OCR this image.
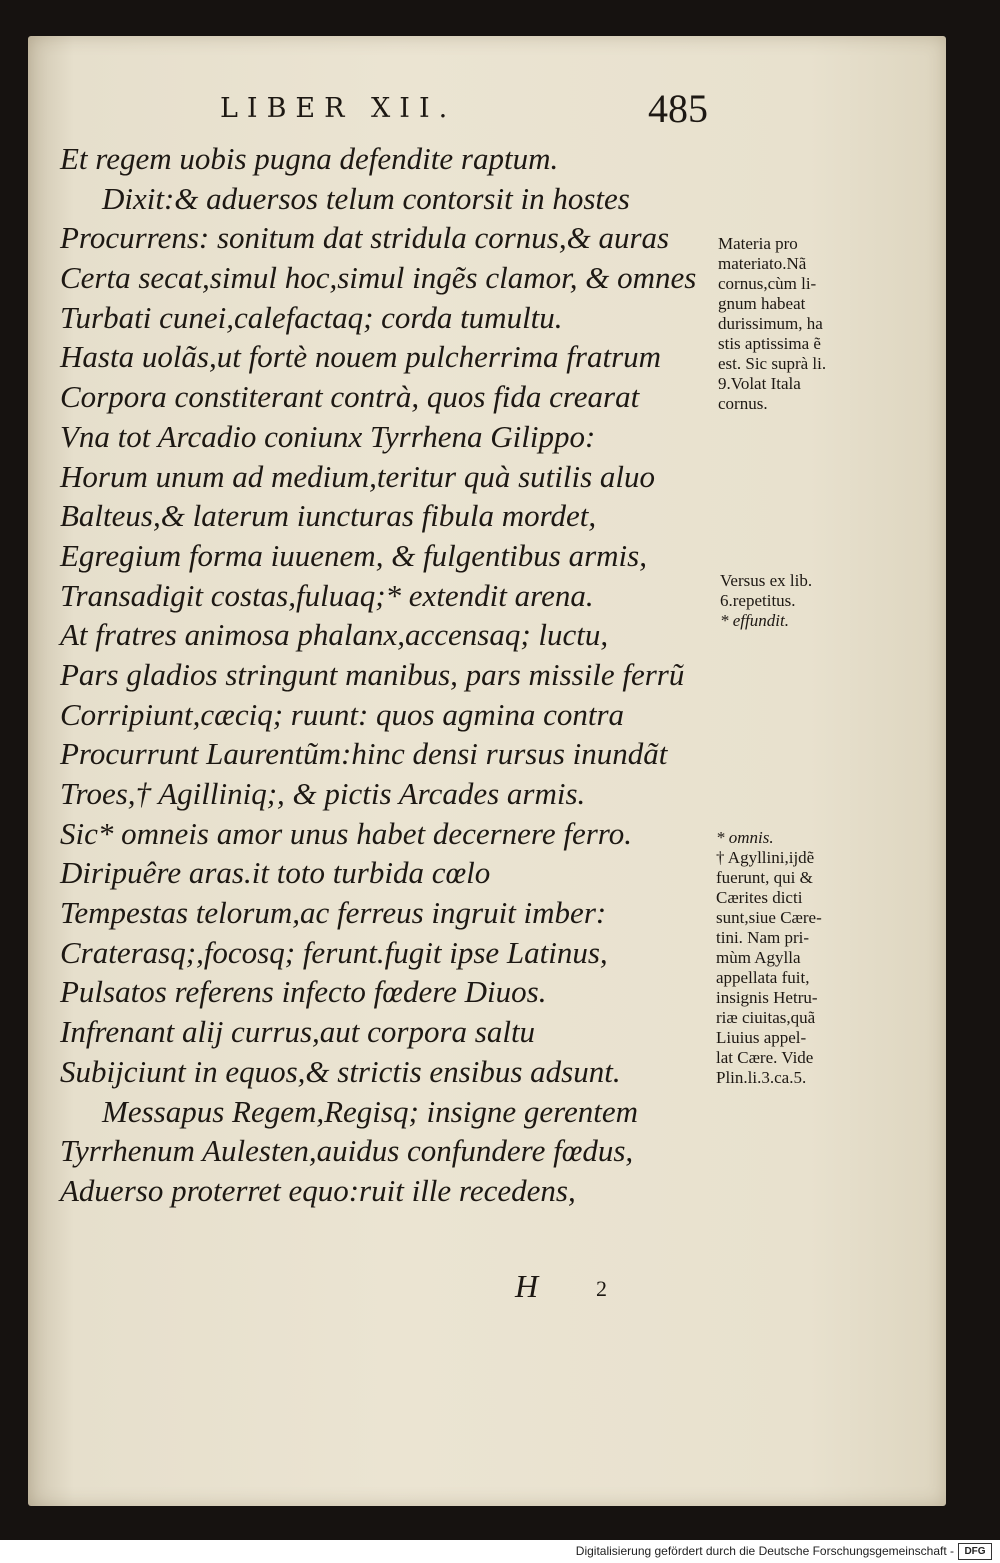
LIBER XII.	485
Et regem uobis pugna defendite raptum.
Dixit:& aduersos telum contorsit in hostes
Procurrens: sonitum dat stridula cornus,& auras
Certa secat,simul hoc,simul ingẽs clamor, & omnes
Turbati cunei,calefactaq; corda tumultu.
Hasta uolãs,ut fortè nouem pulcherrima fratrum
Corpora constiterant contrà, quos fida crearat
Vna tot Arcadio coniunx Tyrrhena Gilippo:
Horum unum ad medium,teritur quà sutilis aluo
Balteus,& laterum iuncturas fibula mordet,
Egregium forma iuuenem, & fulgentibus armis,
Transadigit costas,fuluaq;* extendit arena.
At fratres animosa phalanx,accensaq; luctu,
Pars gladios stringunt manibus, pars missile ferrũ
Corripiunt,cæciq; ruunt: quos agmina contra
Procurrunt Laurentũm:hinc densi rursus inundãt
Troes,† Agilliniq;, & pictis Arcades armis.
Sic* omneis amor unus habet decernere ferro.
Diripuêre aras.it toto turbida cœlo
Tempestas telorum,ac ferreus ingruit imber:
Craterasq;,focosq; ferunt.fugit ipse Latinus,
Pulsatos referens infecto fœdere Diuos.
Infrenant alij currus,aut corpora saltu
Subijciunt in equos,& strictis ensibus adsunt.
Messapus Regem,Regisq; insigne gerentem
Tyrrhenum Aulesten,auidus confundere fœdus,
Aduerso proterret equo:ruit ille recedens,
Materia pro
materiato.Nã
cornus,cùm li-
gnum habeat
durissimum, ha
stis aptissima ẽ
est. Sic suprà li.
9.Volat Itala
cornus.
Versus ex lib.
6.repetitus.
* effundit.
* omnis.
† Agyllini,ijdẽ
fuerunt, qui &
Cærites dicti
sunt,siue Cære-
tini. Nam pri-
mùm Agylla
appellata fuit,
insignis Hetru-
riæ ciuitas,quã
Liuius appel-
lat Cære. Vide
Plin.li.3.ca.5.
H	2
Digitalisierung gefördert durch die Deutsche Forschungsgemeinschaft -	DFG
